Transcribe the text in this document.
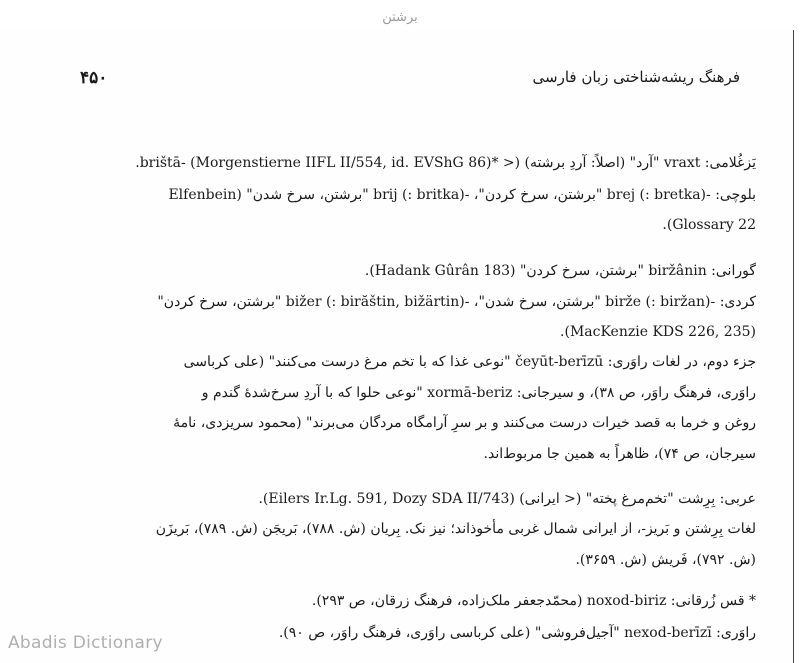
برشتن
۴۵۰	فرهنگ ریشه‌شناختی زبان فارسی
یَزغُلامی: vraxt "آرد" (اصلاً: آردِ برشته) (< *brištā- (Morgenstierne IIFL II/554, id. EVShG 86).
بلوچی: -brej (: bretka) "برشتن، سرخ کردن"، -brij (: britka) "برشتن، سرخ شدن" (Elfenbein
Glossary 22).
گورانی: biržânin "برشتن، سرخ کردن" (Hadank Gûrân 183).
کردی: -birže (: biržan) "برشتن، سرخ شدن"، -bižer (: birăštin, bižärtin) "برشتن، سرخ کردن"
(MacKenzie KDS 226, 235).
جزء دوم، در لغات راوَری: čeyūt-berīzū "نوعی غذا که با تخم مرغ درست می‌کنند" (علی کرباسی
راوَری، فرهنگ راوَر، ص ۳۸)، و سیرجانی: xormā-beriz "نوعی حلوا که با آردِ سرخ‌شدهٔ گندم و
روغن و خرما به قصد خیرات درست می‌کنند و بر سرِ آرامگاه مردگان می‌برند" (محمود سریزدی، نامهٔ
سیرجان، ص ۷۴)، ظاهراً به همین جا مربوط‌اند.
عربی: بِرِشت "تخم‌مرغ پخته" (< ایرانی) (Eilers Ir.Lg. 591, Dozy SDA II/743).
لغات بِرِشتن و بَریز-، از ایرانی شمال غربی مأخوذاند؛ نیز نک. بِریان (ش. ۷۸۸)، بَریجَن (ش. ۷۸۹)، بَریزَن
(ش. ۷۹۲)، فَریش (ش. ۳۶۵۹).
* قس زُرقانی: noxod-biriz (محمّدجعفر ملک‌زاده، فرهنگ زرقان، ص ۲۹۳).
راوَری: nexod-berīzī "آجیل‌فروشی" (علی کرباسی راوَری، فرهنگ راوَر، ص ۹۰).
Abadis Dictionary
